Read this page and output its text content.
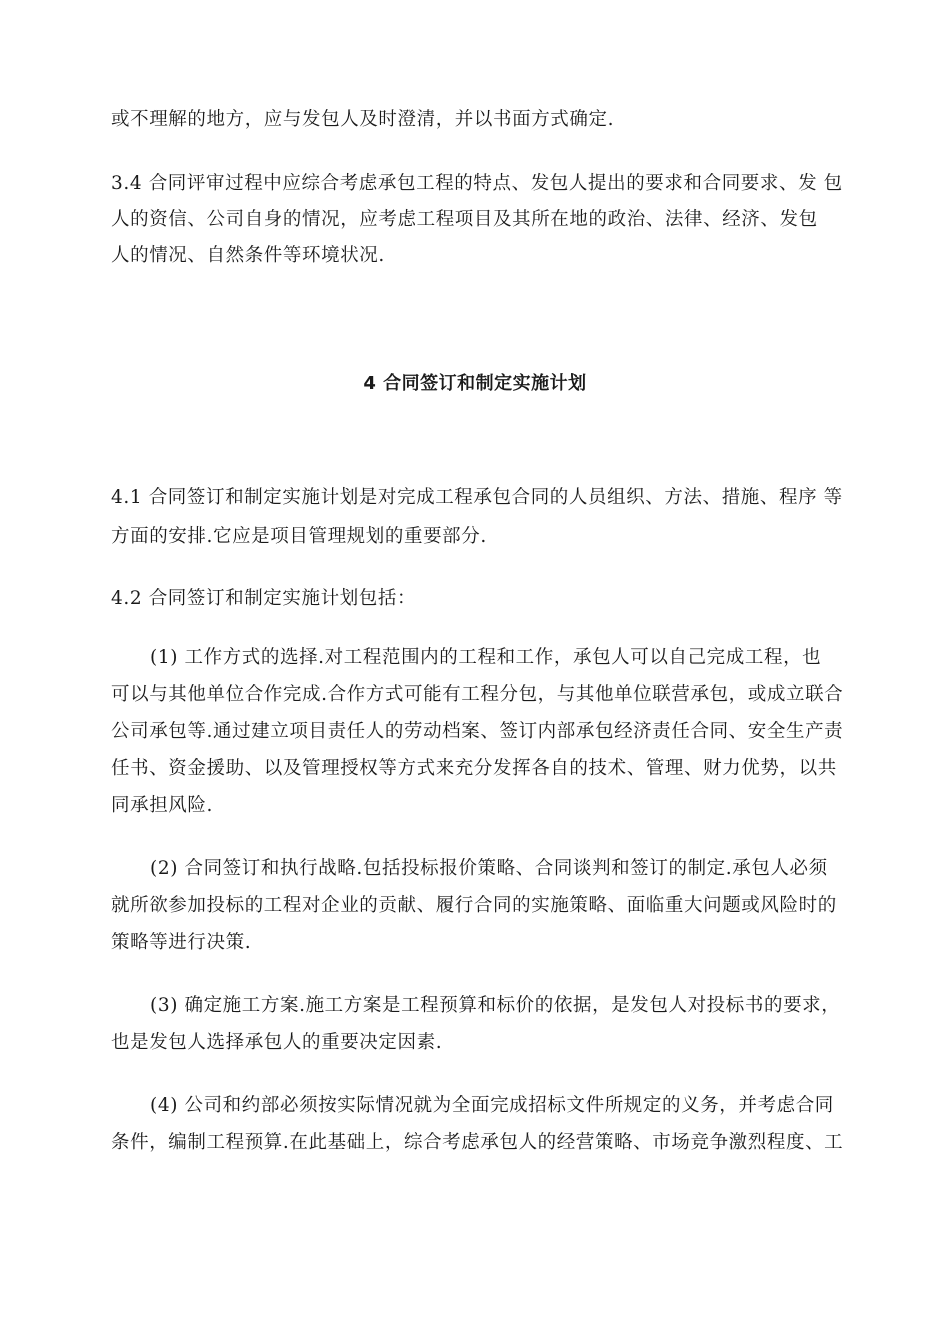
或不理解的地方，应与发包人及时澄清，并以书面方式确定.
3.4 合同评审过程中应综合考虑承包工程的特点、发包人提出的要求和合同要求、发 包
人的资信、公司自身的情况，应考虑工程项目及其所在地的政治、法律、经济、发包
人的情况、自然条件等环境状况.
4 合同签订和制定实施计划
4.1 合同签订和制定实施计划是对完成工程承包合同的人员组织、方法、措施、程序 等
方面的安排.它应是项目管理规划的重要部分.
4.2 合同签订和制定实施计划包括：
(1) 工作方式的选择.对工程范围内的工程和工作，承包人可以自己完成工程，也
可以与其他单位合作完成.合作方式可能有工程分包，与其他单位联营承包，或成立联合
公司承包等.通过建立项目责任人的劳动档案、签订内部承包经济责任合同、安全生产责
任书、资金援助、以及管理授权等方式来充分发挥各自的技术、管理、财力优势，以共
同承担风险.
(2) 合同签订和执行战略.包括投标报价策略、合同谈判和签订的制定.承包人必须
就所欲参加投标的工程对企业的贡献、履行合同的实施策略、面临重大问题或风险时的
策略等进行决策.
(3) 确定施工方案.施工方案是工程预算和标价的依据，是发包人对投标书的要求，
也是发包人选择承包人的重要决定因素.
(4) 公司和约部必须按实际情况就为全面完成招标文件所规定的义务，并考虑合同
条件，编制工程预算.在此基础上，综合考虑承包人的经营策略、市场竞争激烈程度、工
